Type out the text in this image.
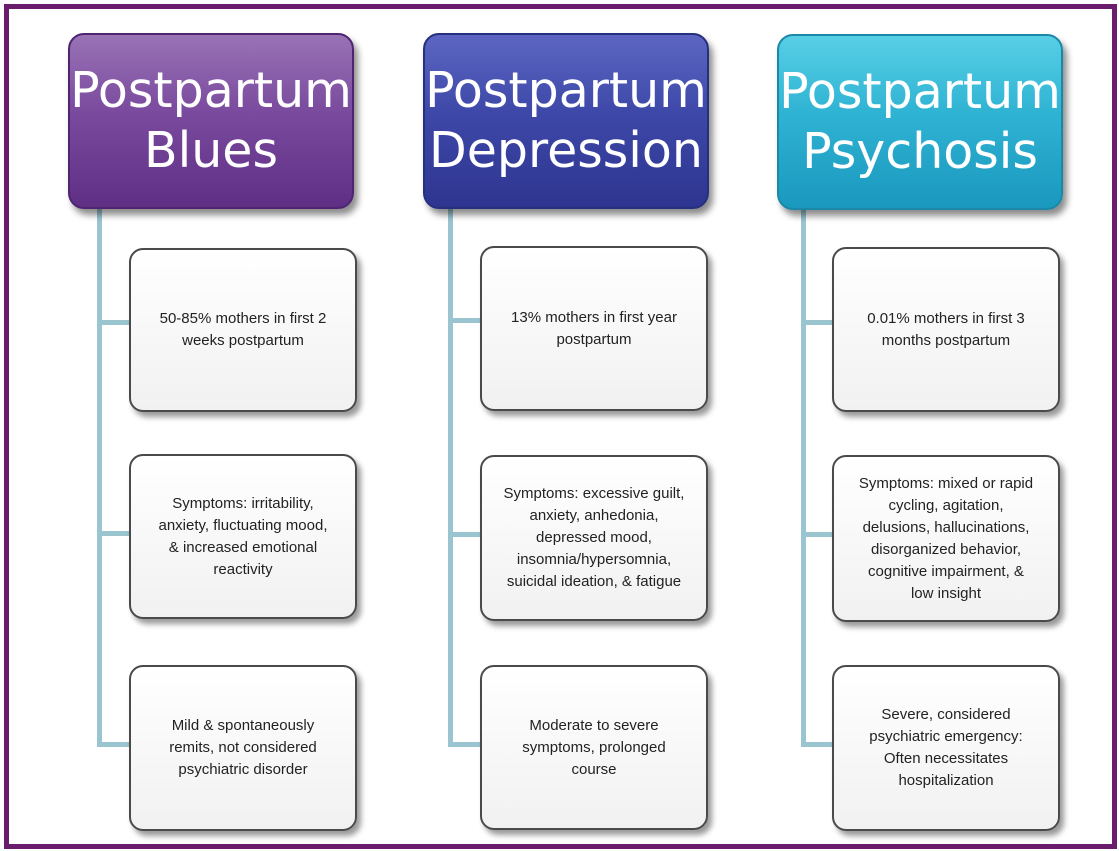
Postpartum
Blues
50-85% mothers in first 2
weeks postpartum
Symptoms: irritability,
anxiety, fluctuating mood,
& increased emotional
reactivity
Mild & spontaneously
remits, not considered
psychiatric disorder
Postpartum
Depression
13% mothers in first year
postpartum
Symptoms: excessive guilt,
anxiety, anhedonia,
depressed mood,
insomnia/hypersomnia,
suicidal ideation, & fatigue
Moderate to severe
symptoms, prolonged
course
Postpartum
Psychosis
0.01% mothers in first 3
months postpartum
Symptoms: mixed or rapid
cycling, agitation,
delusions, hallucinations,
disorganized behavior,
cognitive impairment, &
low insight
Severe, considered
psychiatric emergency:
Often necessitates
hospitalization
